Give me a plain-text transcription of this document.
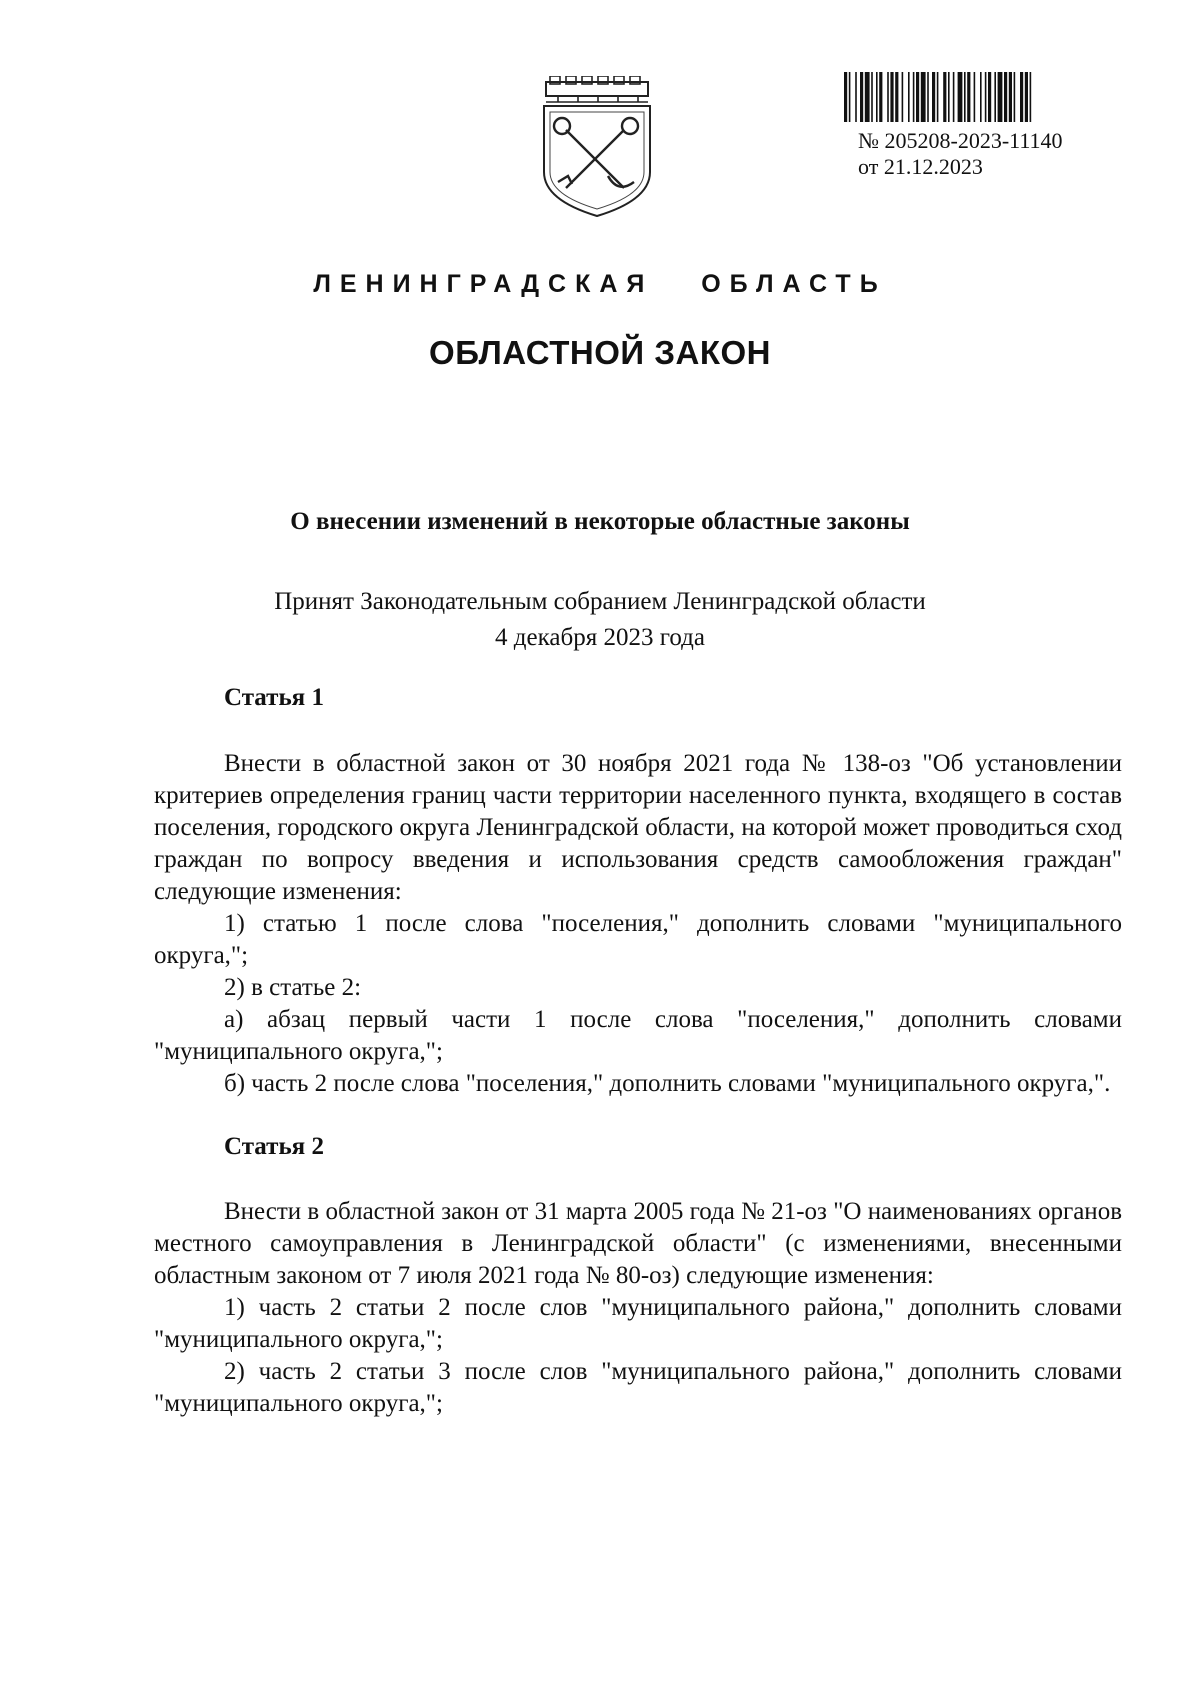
№ 205208-2023-11140
от 21.12.2023
ЛЕНИНГРАДСКАЯ   ОБЛАСТЬ
ОБЛАСТНОЙ ЗАКОН
О внесении изменений в некоторые областные законы
Принят Законодательным собранием Ленинградской области
4 декабря 2023 года
Статья 1

Внести в областной закон от 30 ноября 2021 года № 138-оз "Об установлении критериев определения границ части территории населенного пункта, входящего в состав поселения, городского округа Ленинградской области, на которой может проводиться сход граждан по вопросу введения и использования средств самообложения граждан" следующие изменения:

1) статью 1 после слова "поселения," дополнить словами "муниципального округа,";

2) в статье 2:

а) абзац первый части 1 после слова "поселения," дополнить словами "муниципального округа,";

б) часть 2 после слова "поселения," дополнить словами "муниципального округа,".

Статья 2

Внести в областной закон от 31 марта 2005 года № 21-оз "О наименованиях органов местного самоуправления в Ленинградской области" (с изменениями, внесенными областным законом от 7 июля 2021 года № 80-оз) следующие изменения:

1) часть 2 статьи 2 после слов "муниципального района," дополнить словами "муниципального округа,";

2) часть 2 статьи 3 после слов "муниципального района," дополнить словами "муниципального округа,";
